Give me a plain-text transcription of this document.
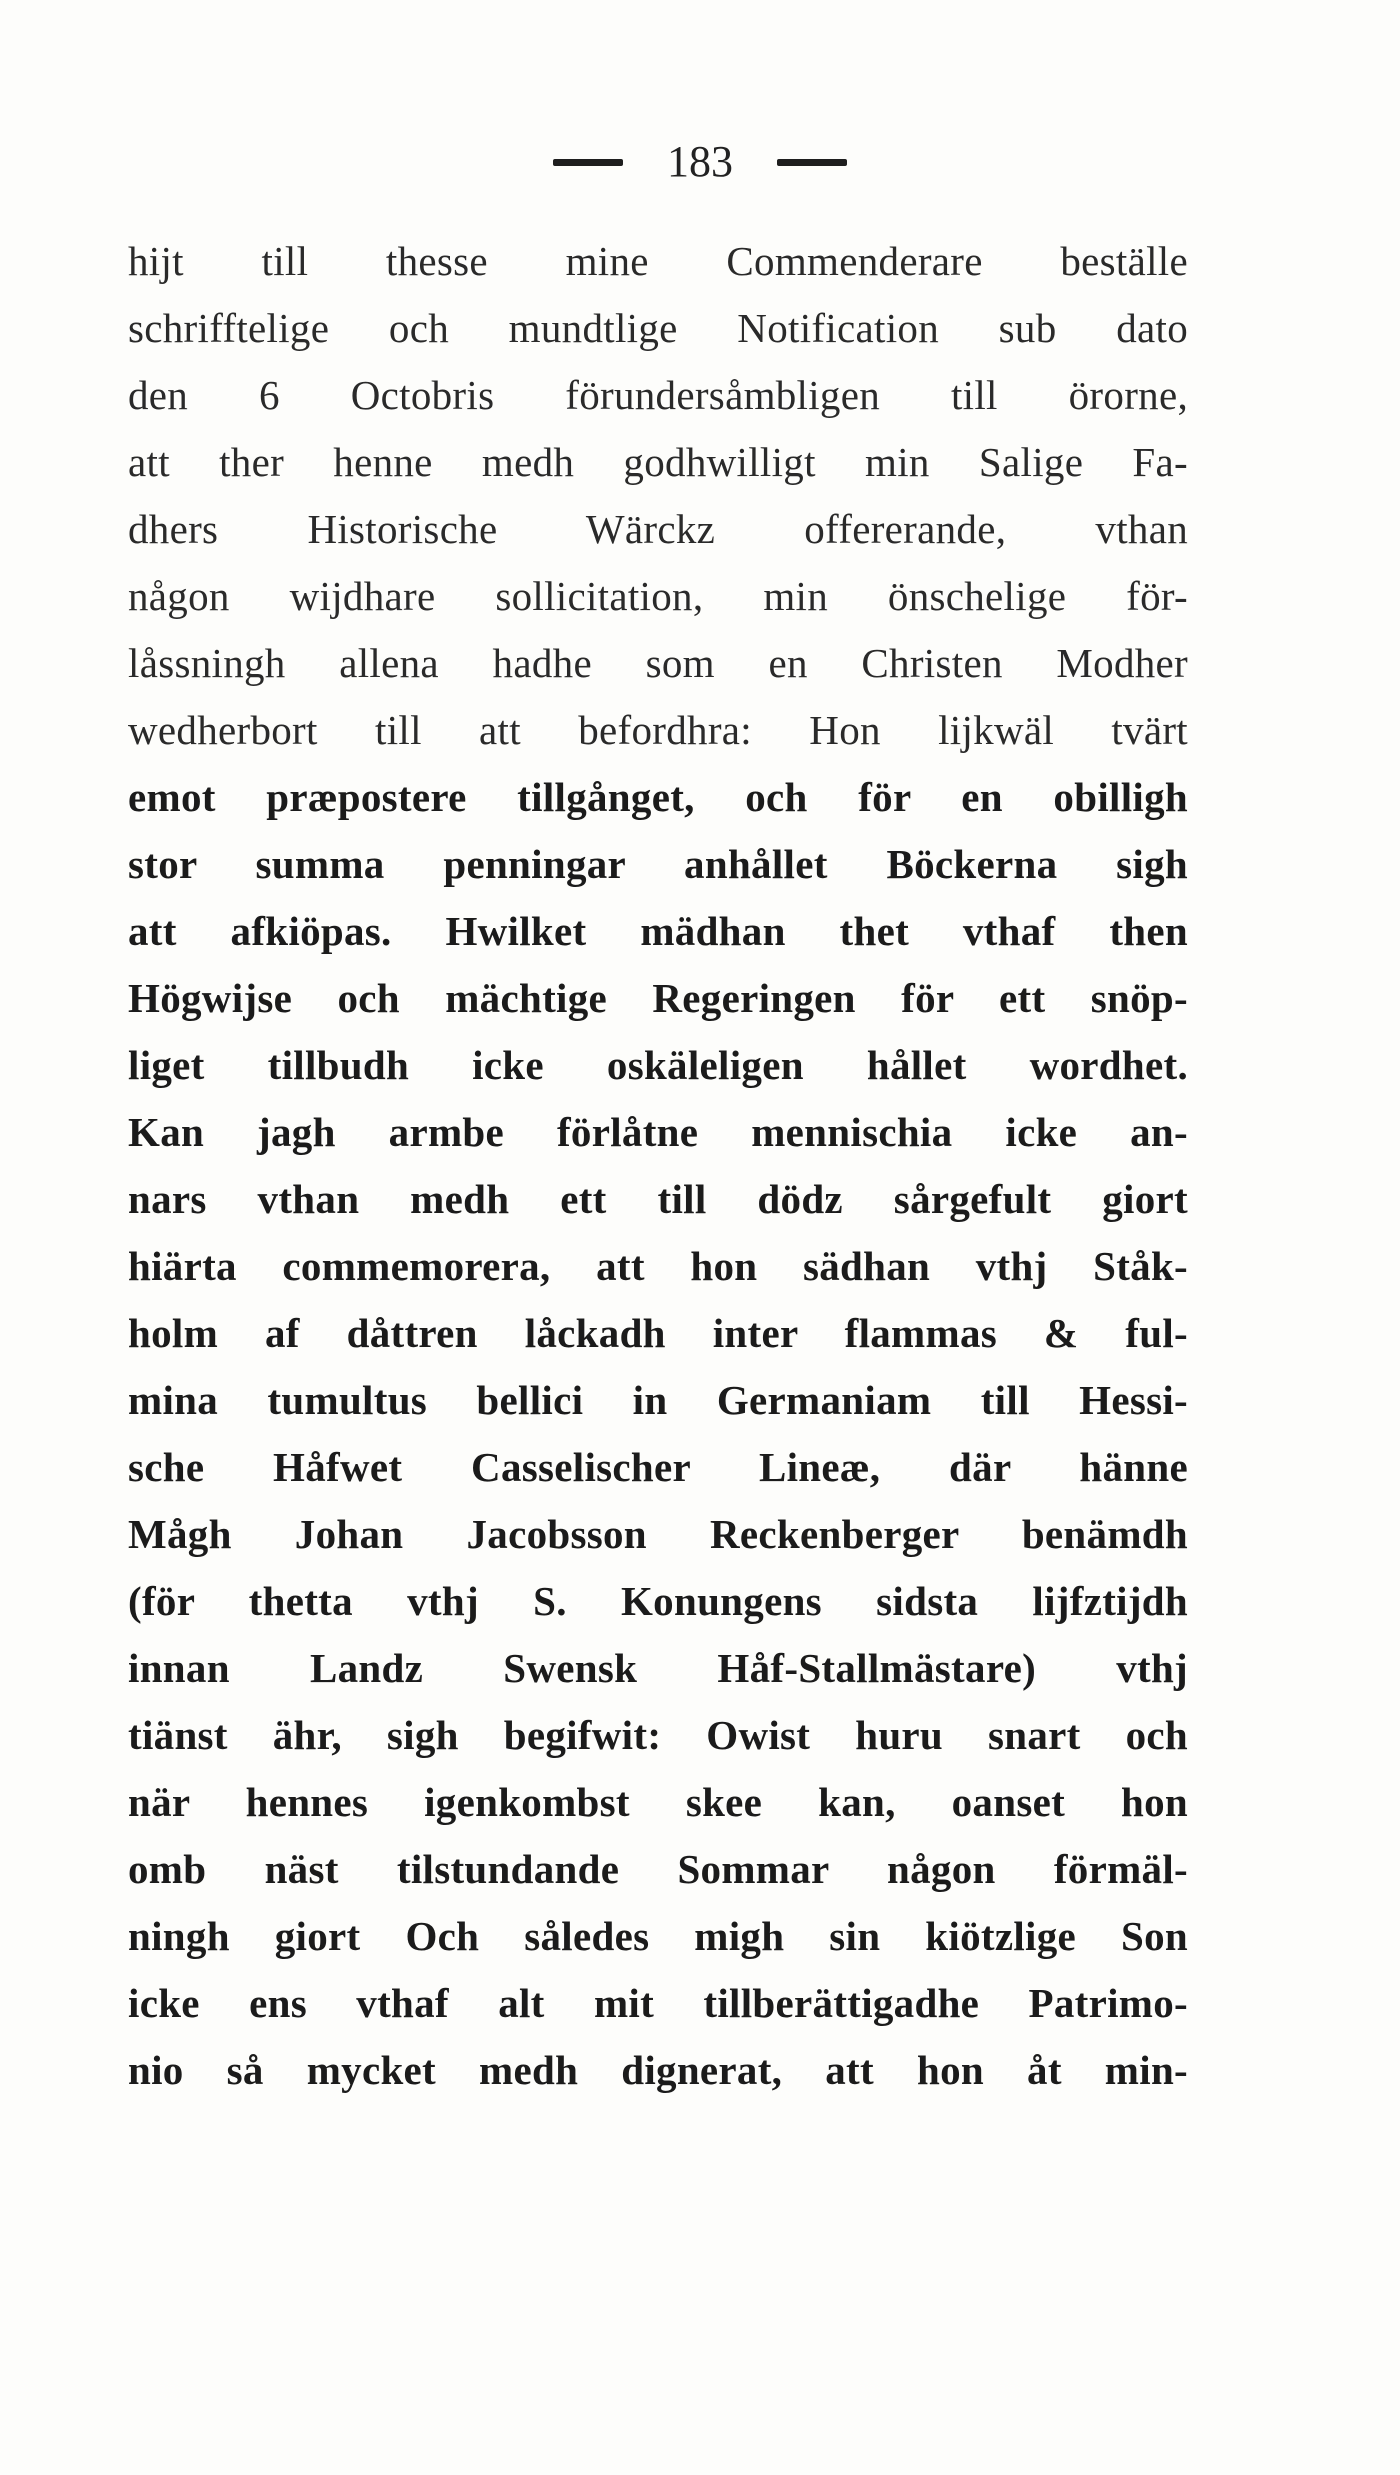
183
hijt till thesse mine Commenderare beställe
schrifftelige och mundtlige Notification sub dato
den 6 Octobris förundersåmbligen till örorne,
att ther henne medh godhwilligt min Salige Fa-
dhers Historische Wärckz offererande, vthan
någon wijdhare sollicitation, min önschelige för-
låssningh allena hadhe som en Christen Modher
wedherbort till att befordhra: Hon lijkwäl tvärt
emot præpostere tillgånget, och för en obilligh
stor summa penningar anhållet Böckerna sigh
att afkiöpas. Hwilket mädhan thet vthaf then
Högwijse och mächtige Regeringen för ett snöp-
liget tillbudh icke oskäleligen hållet wordhet.
Kan jagh armbe förlåtne mennischia icke an-
nars vthan medh ett till dödz sårgefult giort
hiärta commemorera, att hon sädhan vthj Ståk-
holm af dåttren låckadh inter flammas & ful-
mina tumultus bellici in Germaniam till Hessi-
sche Håfwet Casselischer Lineæ, där hänne
Mågh Johan Jacobsson Reckenberger benämdh
(för thetta vthj S. Konungens sidsta lijfztijdh
innan Landz Swensk Håf-Stallmästare) vthj
tiänst ähr, sigh begifwit: Owist huru snart och
när hennes igenkombst skee kan, oanset hon
omb näst tilstundande Sommar någon förmäl-
ningh giort Och således migh sin kiötzlige Son
icke ens vthaf alt mit tillberättigadhe Patrimo-
nio så mycket medh dignerat, att hon åt min-
